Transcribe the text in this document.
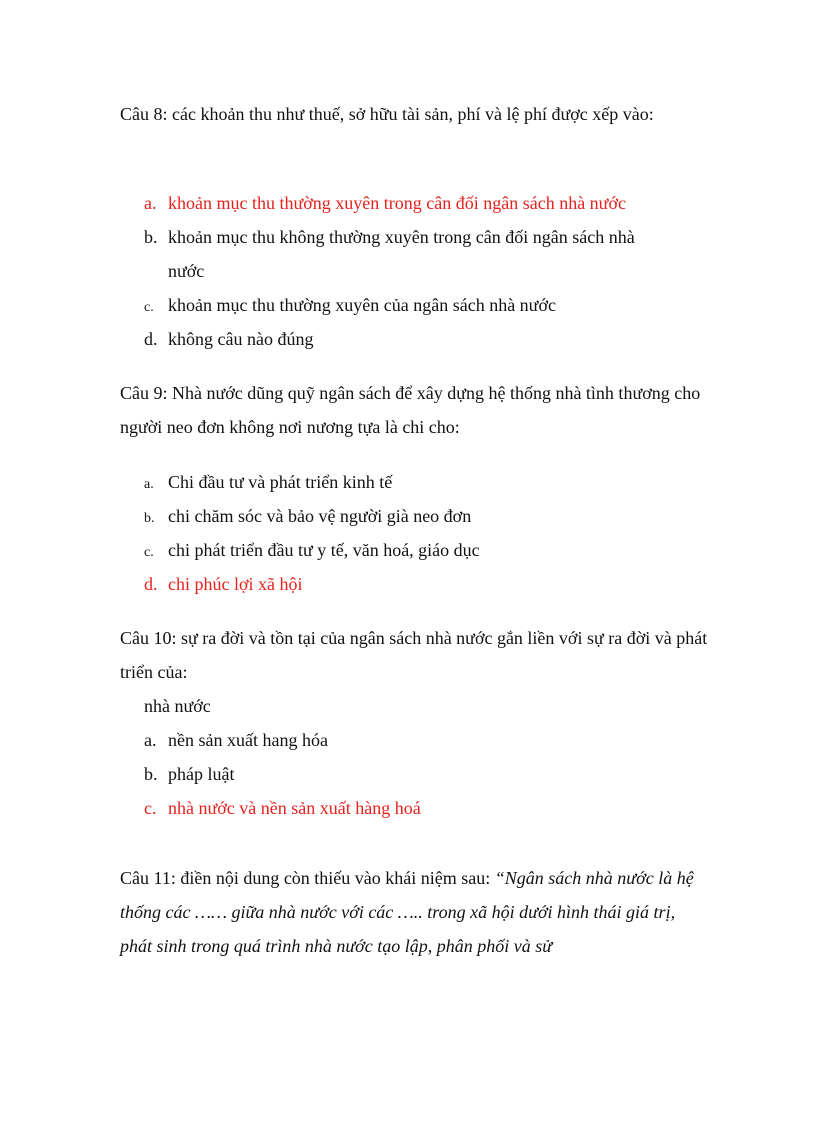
Câu 8: các khoản thu như thuế, sở hữu tài sản, phí và lệ phí được xếp vào:

a. khoản mục thu thường xuyên trong cân đối ngân sách nhà nước
b. khoản mục thu không thường xuyên trong cân đối ngân sách nhà
nước
c. khoản mục thu thường xuyên của ngân sách nhà nước
d. không câu nào đúng

Câu 9: Nhà nước dũng quỹ ngân sách để xây dựng hệ thống nhà tình thương cho người neo đơn không nơi nương tựa là chi cho:

a. Chi đầu tư và phát triển kinh tế
b. chi chăm sóc và bảo vệ người già neo đơn
c. chi phát triển đầu tư y tế, văn hoá, giáo dục
d. chi phúc lợi xã hội

Câu 10: sự ra đời và tồn tại của ngân sách nhà nước gắn liền với sự ra đời và phát triển của:

nhà nước
a. nền sản xuất hang hóa
b. pháp luật
c. nhà nước và nền sản xuất hàng hoá

Câu 11: điền nội dung còn thiếu vào khái niệm sau: “Ngân sách nhà nước là hệ thống các …… giữa nhà nước với các ….. trong xã hội dưới hình thái giá trị, phát sinh trong quá trình nhà nước tạo lập, phân phối và sử
